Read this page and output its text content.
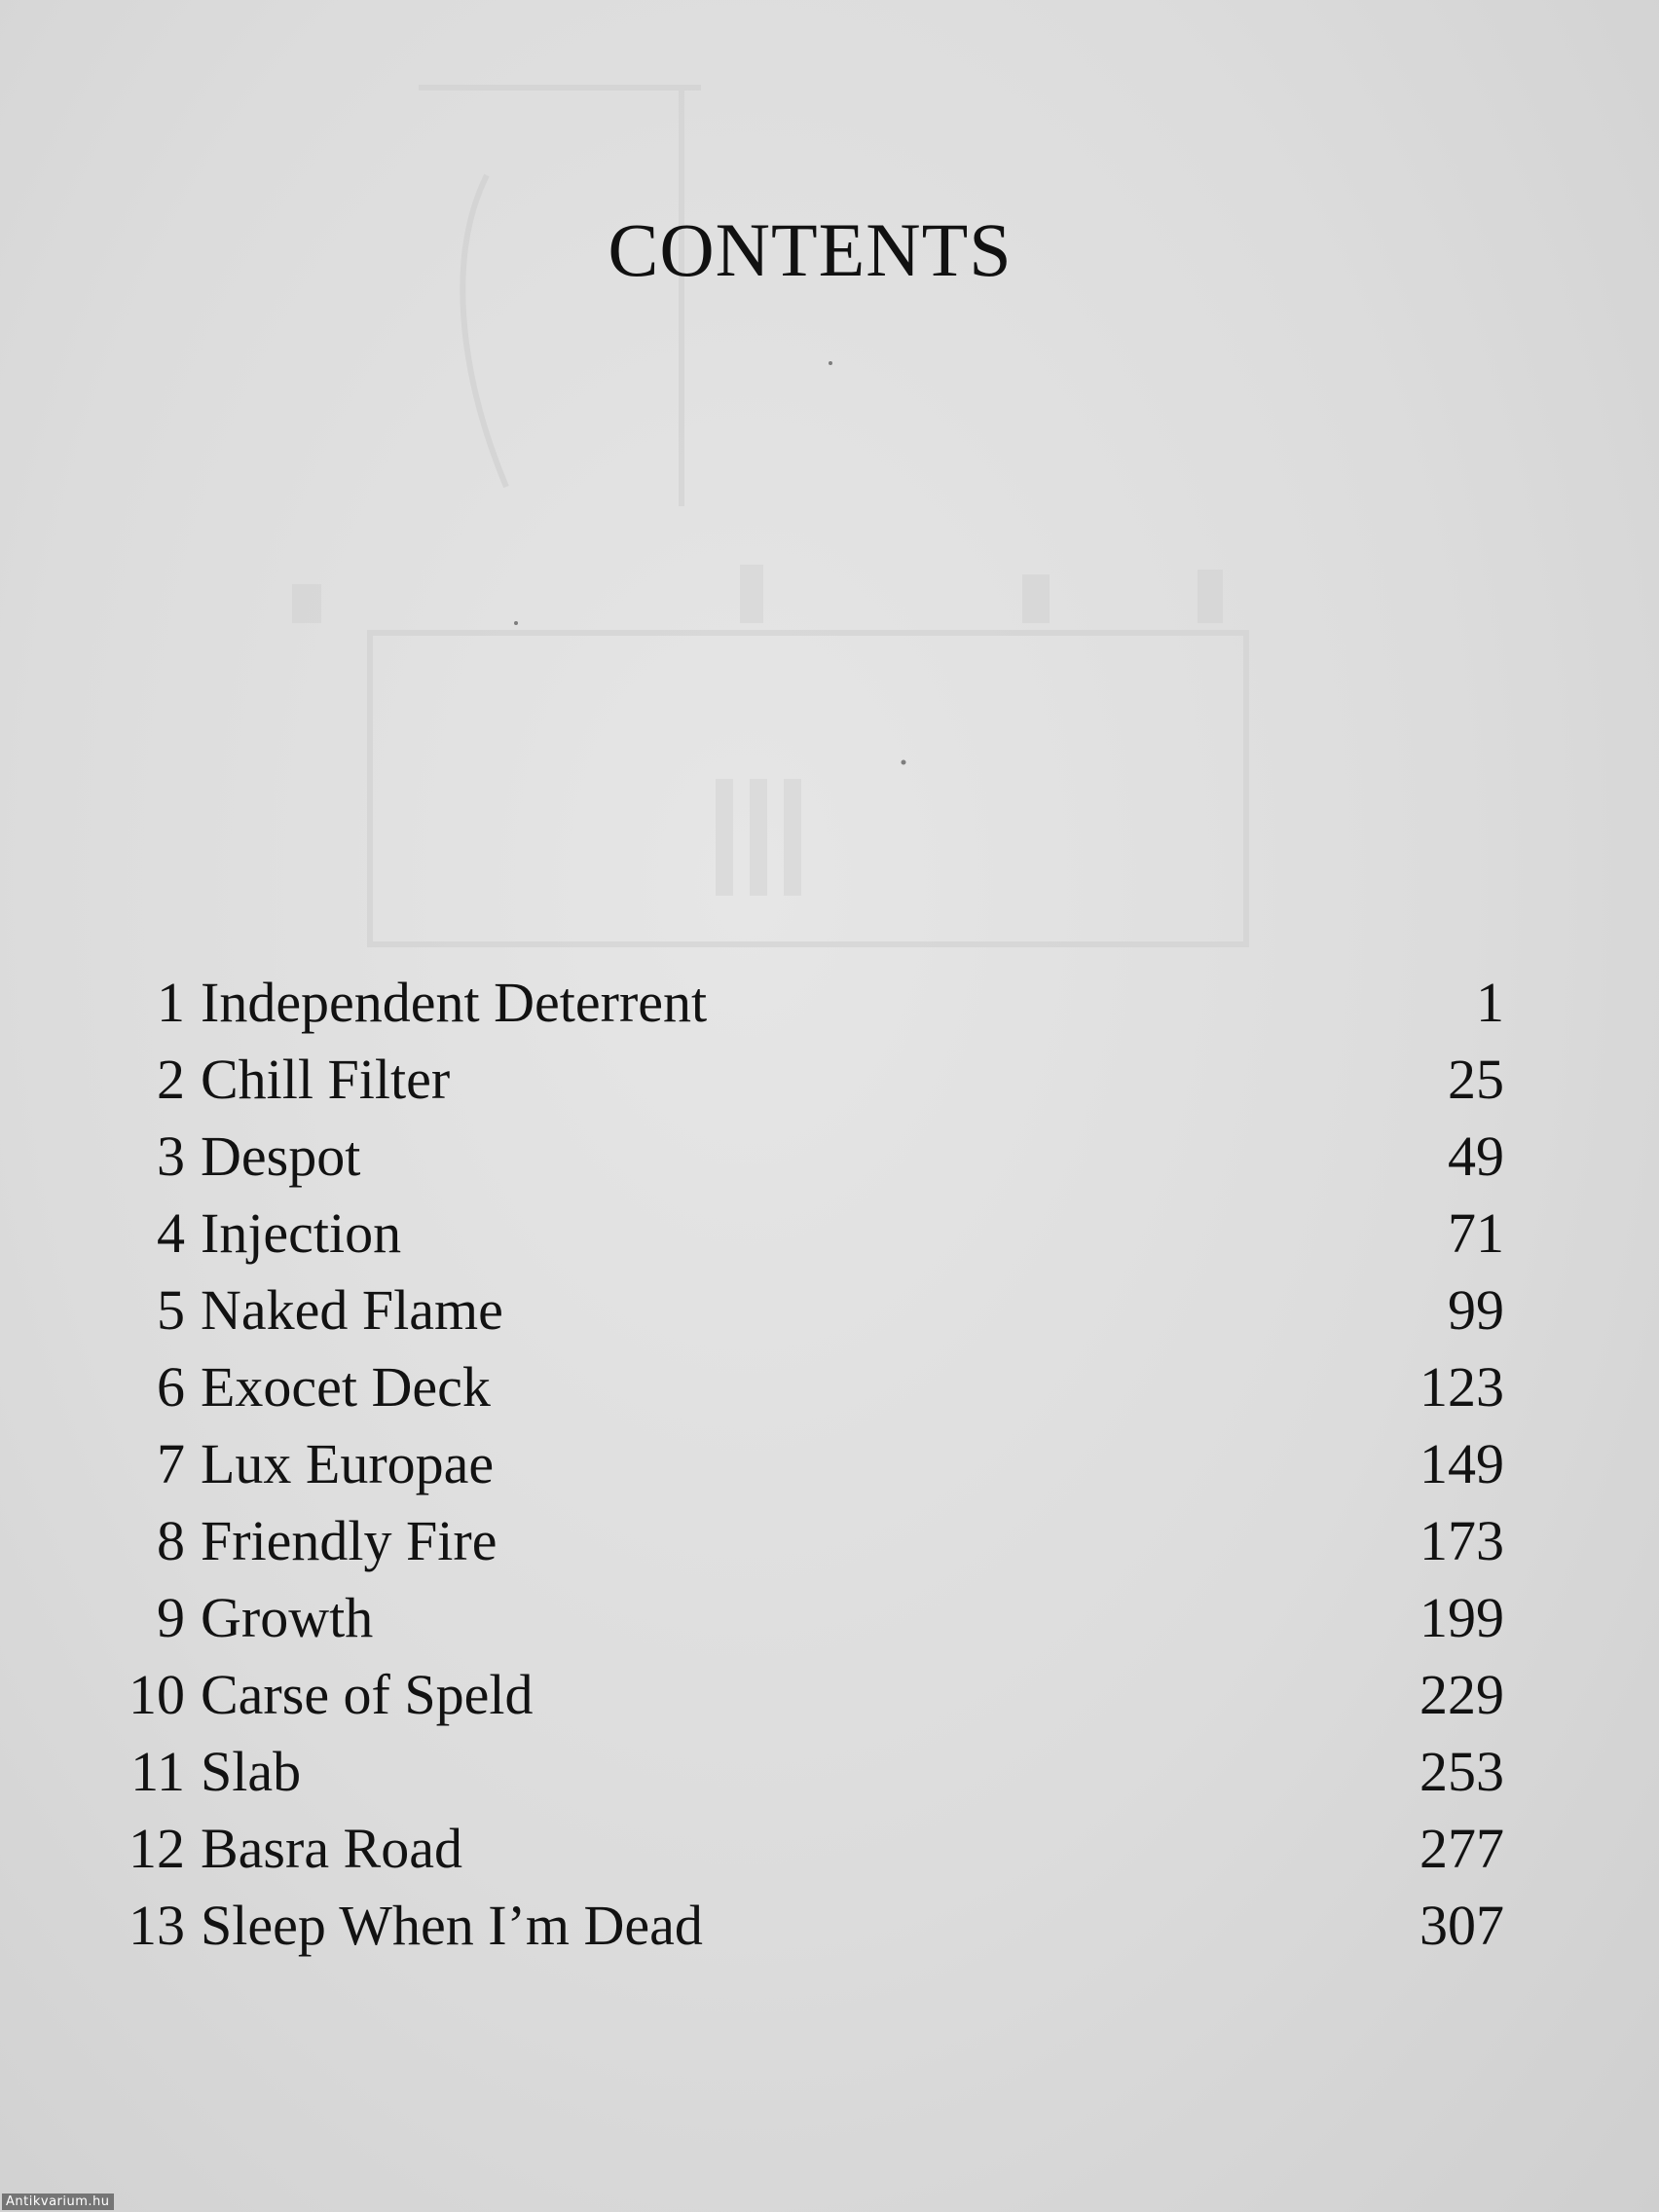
CONTENTS
1 Independent Deterrent	1
2 Chill Filter	25
3 Despot	49
4 Injection	71
5 Naked Flame	99
6 Exocet Deck	123
7 Lux Europae	149
8 Friendly Fire	173
9 Growth	199
10 Carse of Speld	229
11 Slab	253
12 Basra Road	277
13 Sleep When I’m Dead	307
Antikvarium.hu
